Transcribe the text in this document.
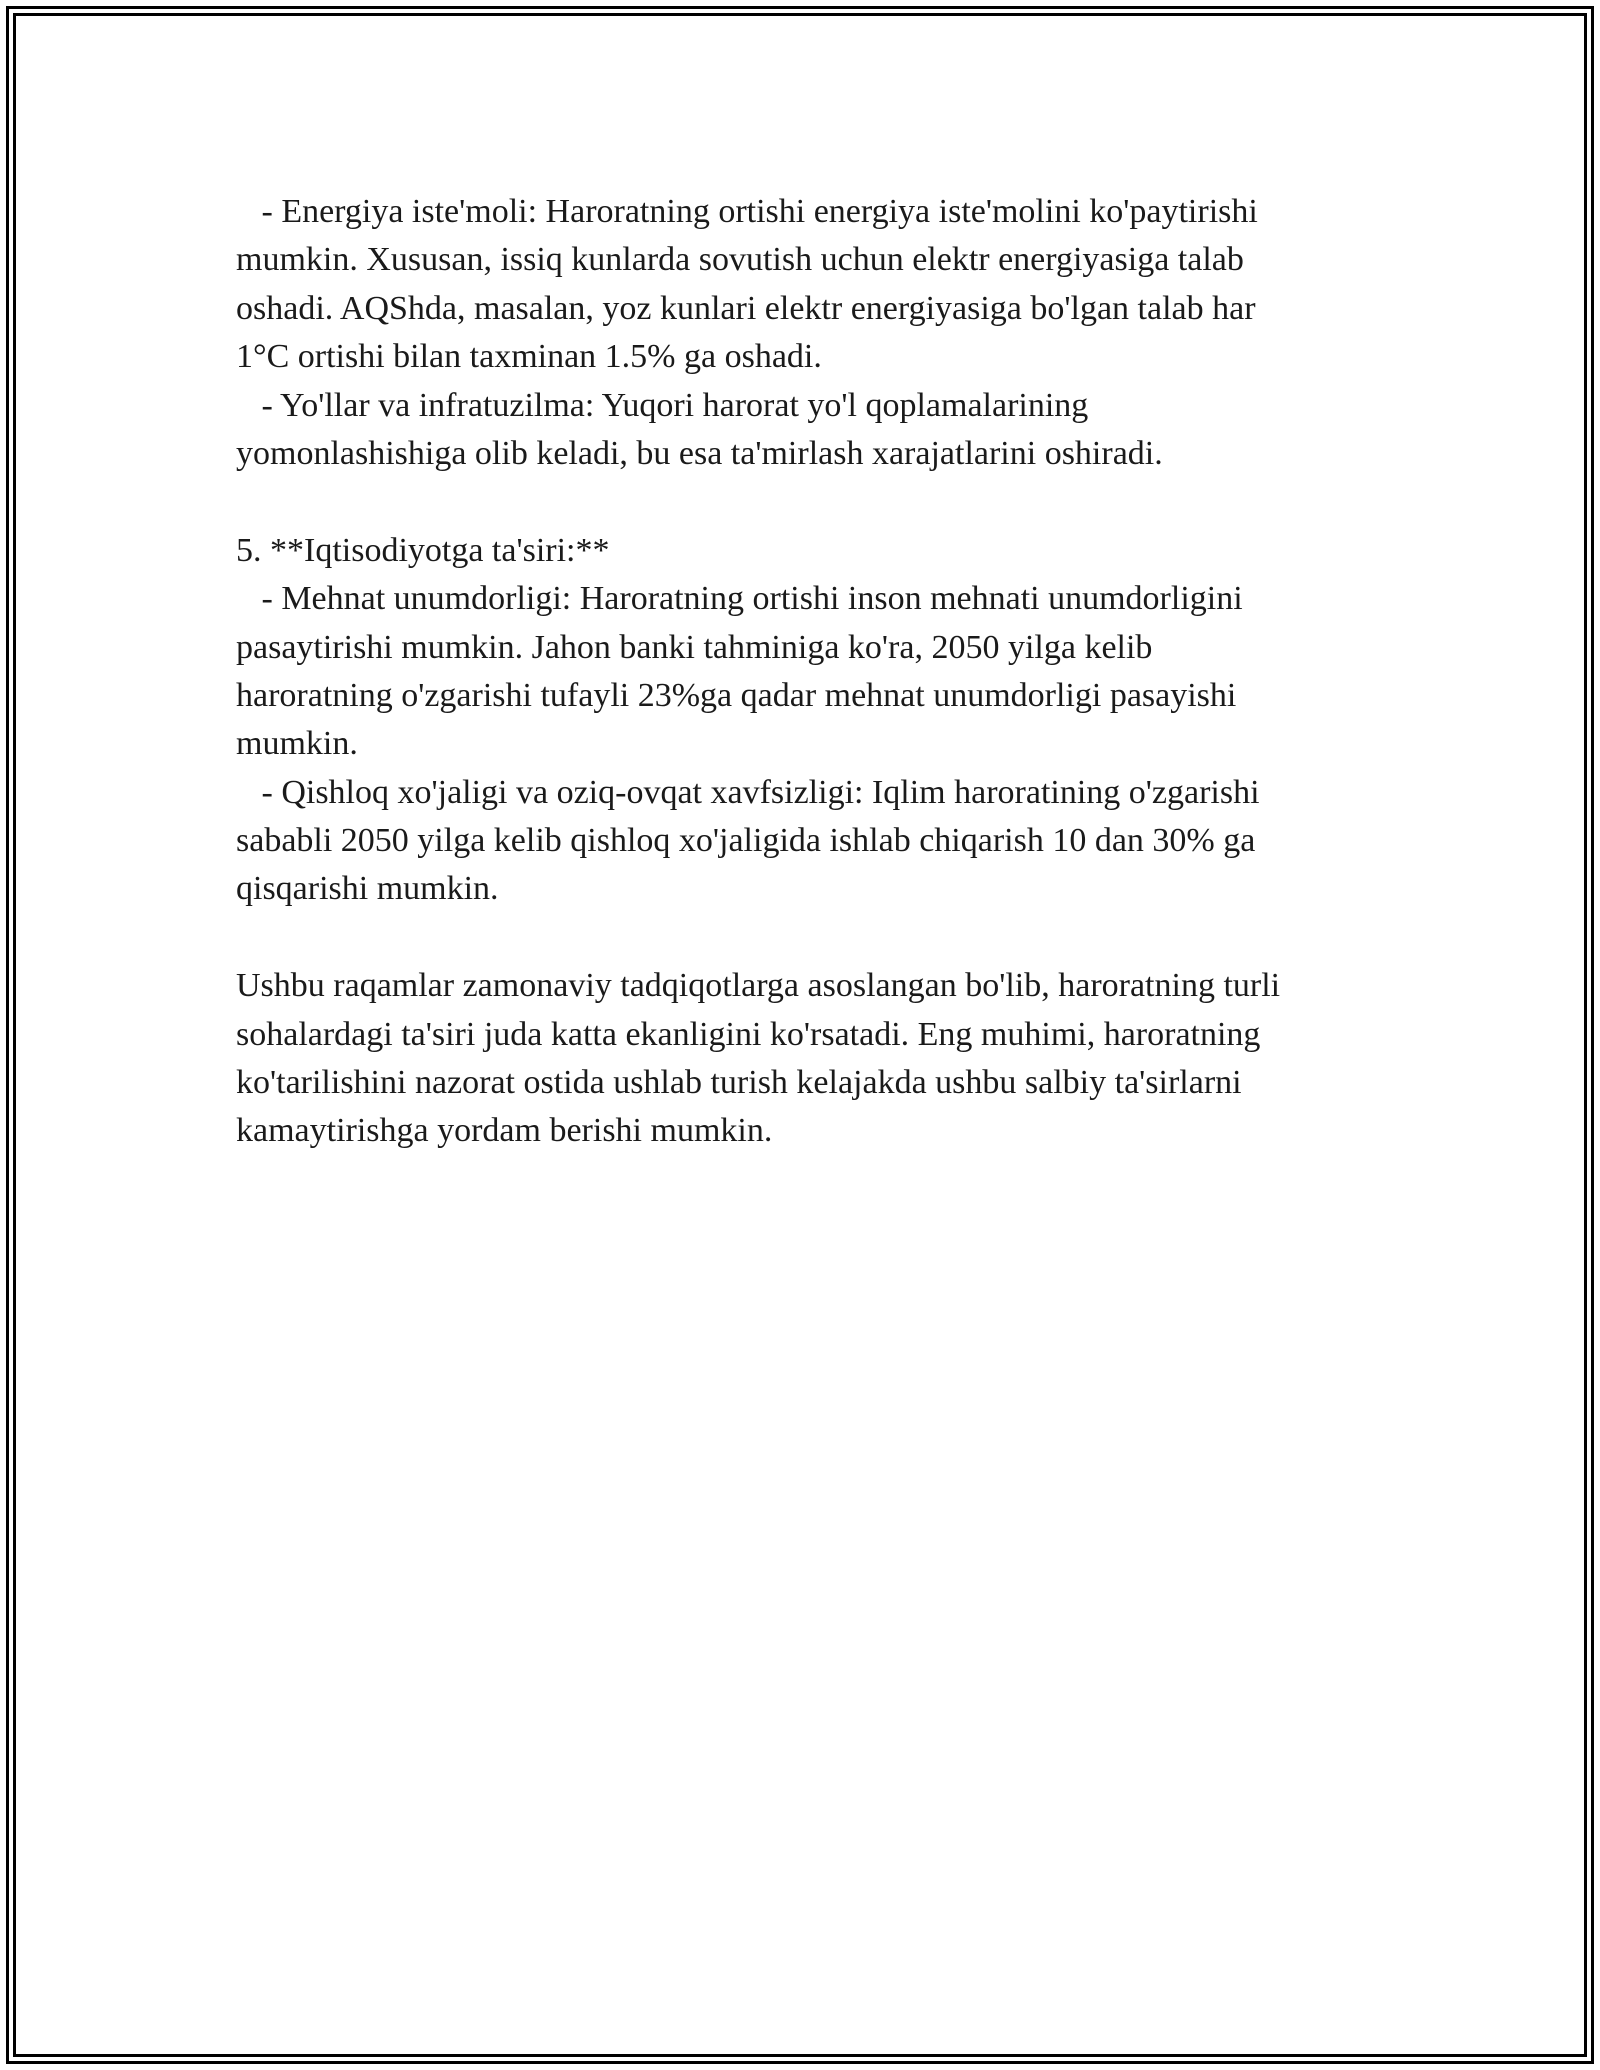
- Energiya iste'moli: Haroratning ortishi energiya iste'molini ko'paytirishi
mumkin. Xususan, issiq kunlarda sovutish uchun elektr energiyasiga talab
oshadi. AQShda, masalan, yoz kunlari elektr energiyasiga bo'lgan talab har
1°C ortishi bilan taxminan 1.5% ga oshadi.
- Yo'llar va infratuzilma: Yuqori harorat yo'l qoplamalarining
yomonlashishiga olib keladi, bu esa ta'mirlash xarajatlarini oshiradi.
5. **Iqtisodiyotga ta'siri:**
- Mehnat unumdorligi: Haroratning ortishi inson mehnati unumdorligini
pasaytirishi mumkin. Jahon banki tahminiga ko'ra, 2050 yilga kelib
haroratning o'zgarishi tufayli 23%ga qadar mehnat unumdorligi pasayishi
mumkin.
- Qishloq xo'jaligi va oziq-ovqat xavfsizligi: Iqlim haroratining o'zgarishi
sababli 2050 yilga kelib qishloq xo'jaligida ishlab chiqarish 10 dan 30% ga
qisqarishi mumkin.
Ushbu raqamlar zamonaviy tadqiqotlarga asoslangan bo'lib, haroratning turli
sohalardagi ta'siri juda katta ekanligini ko'rsatadi. Eng muhimi, haroratning
ko'tarilishini nazorat ostida ushlab turish kelajakda ushbu salbiy ta'sirlarni
kamaytirishga yordam berishi mumkin.
